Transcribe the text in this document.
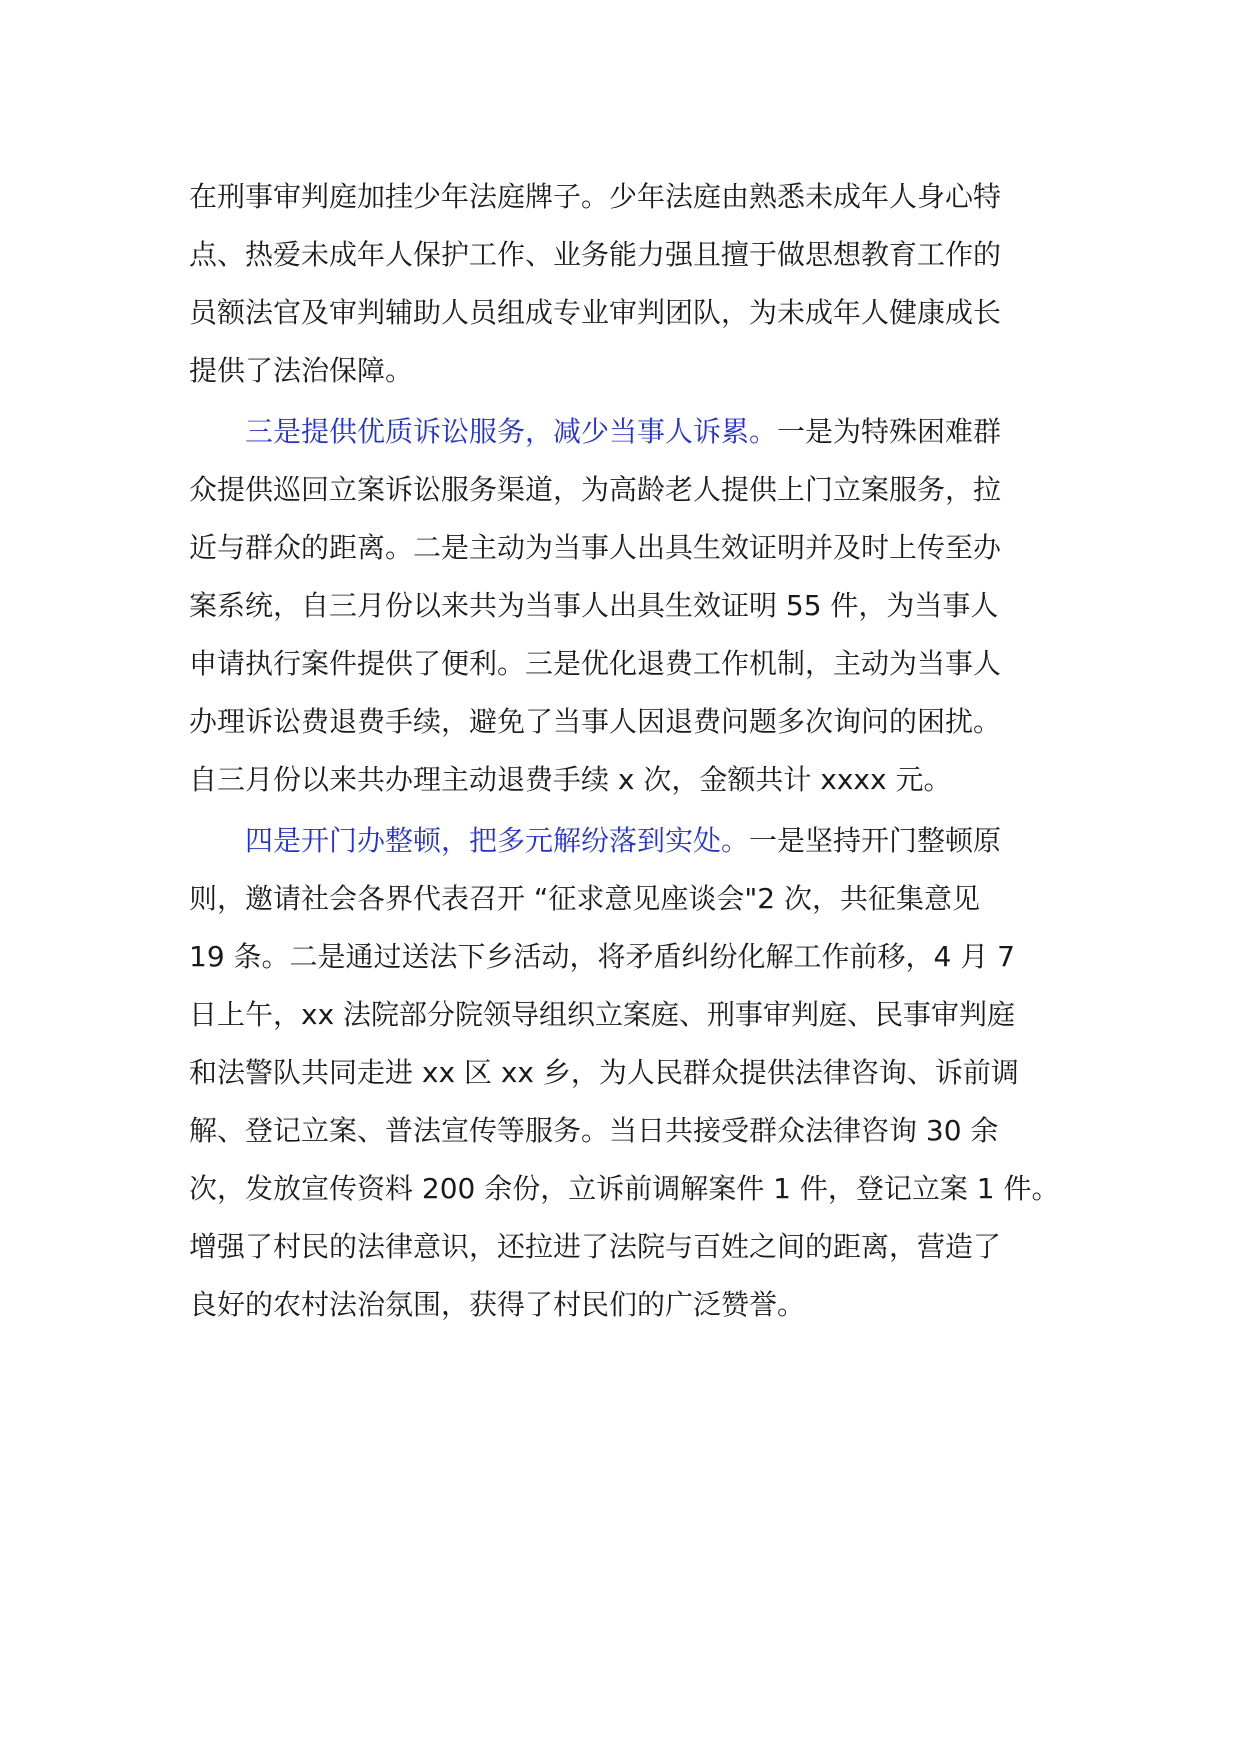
在刑事审判庭加挂少年法庭牌子。少年法庭由熟悉未成年人身心特
点、热爱未成年人保护工作、业务能力强且擅于做思想教育工作的
员额法官及审判辅助人员组成专业审判团队，为未成年人健康成长
提供了法治保障。
三是提供优质诉讼服务，减少当事人诉累。一是为特殊困难群
众提供巡回立案诉讼服务渠道，为高龄老人提供上门立案服务，拉
近与群众的距离。二是主动为当事人出具生效证明并及时上传至办
案系统，自三月份以来共为当事人出具生效证明 55 件，为当事人
申请执行案件提供了便利。三是优化退费工作机制，主动为当事人
办理诉讼费退费手续，避免了当事人因退费问题多次询问的困扰。
自三月份以来共办理主动退费手续 x 次，金额共计 xxxx 元。
四是开门办整顿，把多元解纷落到实处。一是坚持开门整顿原
则，邀请社会各界代表召开 “征求意见座谈会"2 次，共征集意见
19 条。二是通过送法下乡活动，将矛盾纠纷化解工作前移，4 月 7
日上午，xx 法院部分院领导组织立案庭、刑事审判庭、民事审判庭
和法警队共同走进 xx 区 xx 乡，为人民群众提供法律咨询、诉前调
解、登记立案、普法宣传等服务。当日共接受群众法律咨询 30 余
次，发放宣传资料 200 余份，立诉前调解案件 1 件，登记立案 1 件。
增强了村民的法律意识，还拉进了法院与百姓之间的距离，营造了
良好的农村法治氛围，获得了村民们的广泛赞誉。
